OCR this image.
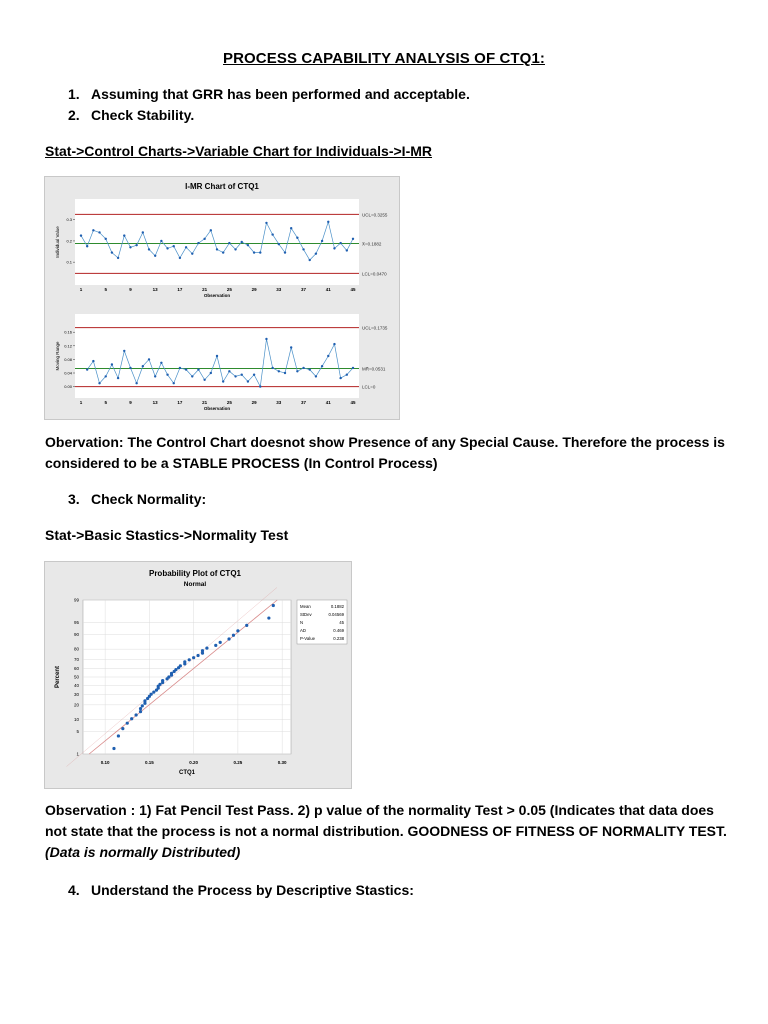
PROCESS CAPABILITY ANALYSIS OF CTQ1:
1. Assuming that GRR has been performed and acceptable.
2. Check Stability.
Stat->Control Charts->Variable Chart for Individuals->I-MR
I-MR Chart of CTQ1
UCL=0.3255
X̄=0.1882
LCL=0.0470
0.1
0.2
0.3
1	5	9	13	17	21	25	29	33	37	41	45
Observation
Individual Value
UCL=0.1735
MR̄=0.0531
LCL=0
0.00
0.04
0.08
0.12
0.16
1	5	9	13	17	21	25	29	33	37	41	45
Observation
Moving Range
Obervation: The Control Chart doesnot show Presence of any Special Cause. Therefore the process is considered to be a STABLE PROCESS (In Control Process)
3. Check Normality:
Stat->Basic Stastics->Normality Test
Probability Plot of CTQ1
Normal
1
5
10
20
30
40
50
60
70
80
90
95
99
0.10	0.15	0.20	0.25	0.30
CTQ1
Percent
Mean	0.1882
StDev	0.04569
N	45
AD	0.469
P-Value	0.238
Observation : 1) Fat Pencil Test Pass. 2) p value of the normality Test > 0.05 (Indicates that data does not state that the process is not a normal distribution. GOODNESS OF FITNESS OF NORMALITY TEST. (Data is normally Distributed)
4. Understand the Process by Descriptive Stastics:
